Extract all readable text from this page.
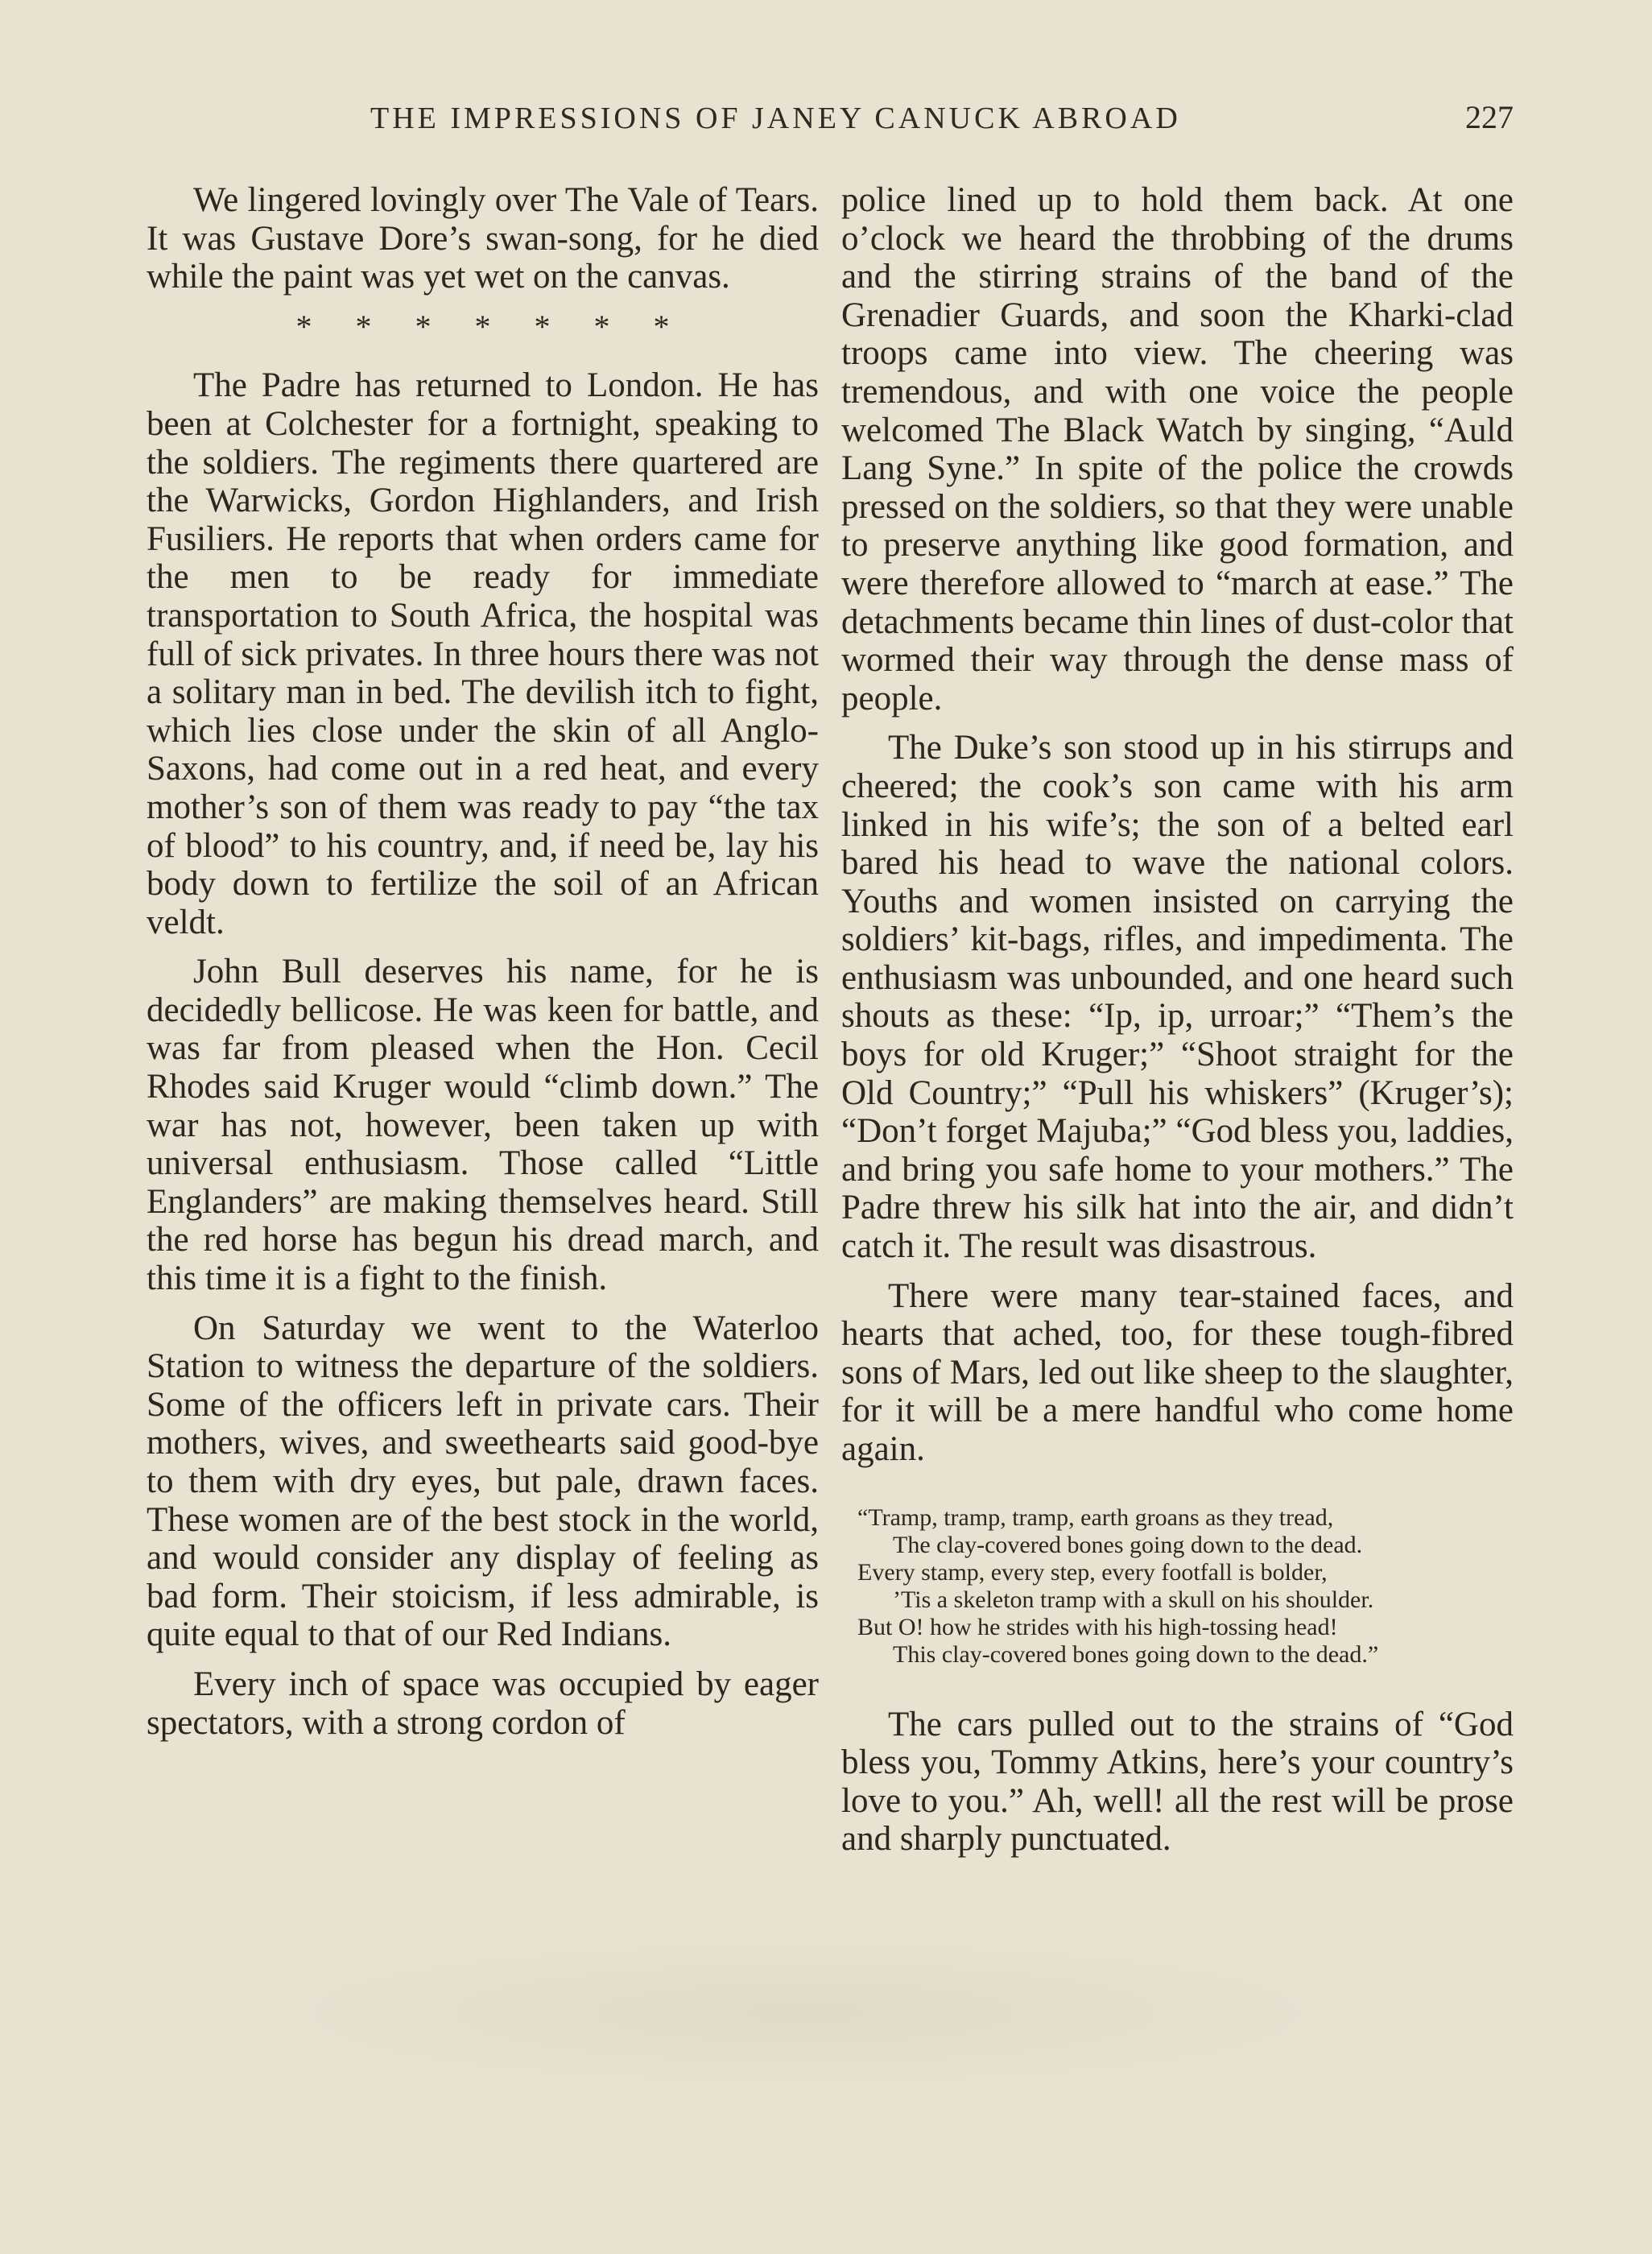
THE IMPRESSIONS OF JANEY CANUCK ABROAD	227

We lingered lovingly over The Vale of Tears. It was Gustave Dore’s swan-song, for he died while the paint was yet wet on the canvas.

* * * * * * *

The Padre has returned to London. He has been at Colchester for a fortnight, speaking to the soldiers. The regiments there quartered are the Warwicks, Gordon Highlanders, and Irish Fusiliers. He reports that when orders came for the men to be ready for immediate transportation to South Africa, the hospital was full of sick privates. In three hours there was not a solitary man in bed. The devilish itch to fight, which lies close under the skin of all Anglo-Saxons, had come out in a red heat, and every mother’s son of them was ready to pay “the tax of blood” to his country, and, if need be, lay his body down to fertilize the soil of an African veldt.

John Bull deserves his name, for he is decidedly bellicose. He was keen for battle, and was far from pleased when the Hon. Cecil Rhodes said Kruger would “climb down.” The war has not, however, been taken up with universal enthusiasm. Those called “Little Englanders” are making themselves heard. Still the red horse has begun his dread march, and this time it is a fight to the finish.

On Saturday we went to the Waterloo Station to witness the departure of the soldiers. Some of the officers left in private cars. Their mothers, wives, and sweethearts said good-bye to them with dry eyes, but pale, drawn faces. These women are of the best stock in the world, and would consider any display of feeling as bad form. Their stoicism, if less admirable, is quite equal to that of our Red Indians.

Every inch of space was occupied by eager spectators, with a strong cordon of

police lined up to hold them back. At one o’clock we heard the throbbing of the drums and the stirring strains of the band of the Grenadier Guards, and soon the Kharki-clad troops came into view. The cheering was tremendous, and with one voice the people welcomed The Black Watch by singing, “Auld Lang Syne.” In spite of the police the crowds pressed on the soldiers, so that they were unable to preserve anything like good formation, and were therefore allowed to “march at ease.” The detachments became thin lines of dust-color that wormed their way through the dense mass of people.

The Duke’s son stood up in his stirrups and cheered; the cook’s son came with his arm linked in his wife’s; the son of a belted earl bared his head to wave the national colors. Youths and women insisted on carrying the soldiers’ kit-bags, rifles, and impedimenta. The enthusiasm was unbounded, and one heard such shouts as these: “Ip, ip, urroar;” “Them’s the boys for old Kruger;” “Shoot straight for the Old Country;” “Pull his whiskers” (Kruger’s); “Don’t forget Majuba;” “God bless you, laddies, and bring you safe home to your mothers.” The Padre threw his silk hat into the air, and didn’t catch it. The result was disastrous.

There were many tear-stained faces, and hearts that ached, too, for these tough-fibred sons of Mars, led out like sheep to the slaughter, for it will be a mere handful who come home again.

“Tramp, tramp, tramp, earth groans as they tread,
The clay-covered bones going down to the dead.
Every stamp, every step, every footfall is bolder,
’Tis a skeleton tramp with a skull on his shoulder.
But O! how he strides with his high-tossing head!
This clay-covered bones going down to the dead.”

The cars pulled out to the strains of “God bless you, Tommy Atkins, here’s your country’s love to you.” Ah, well! all the rest will be prose and sharply punctuated.
